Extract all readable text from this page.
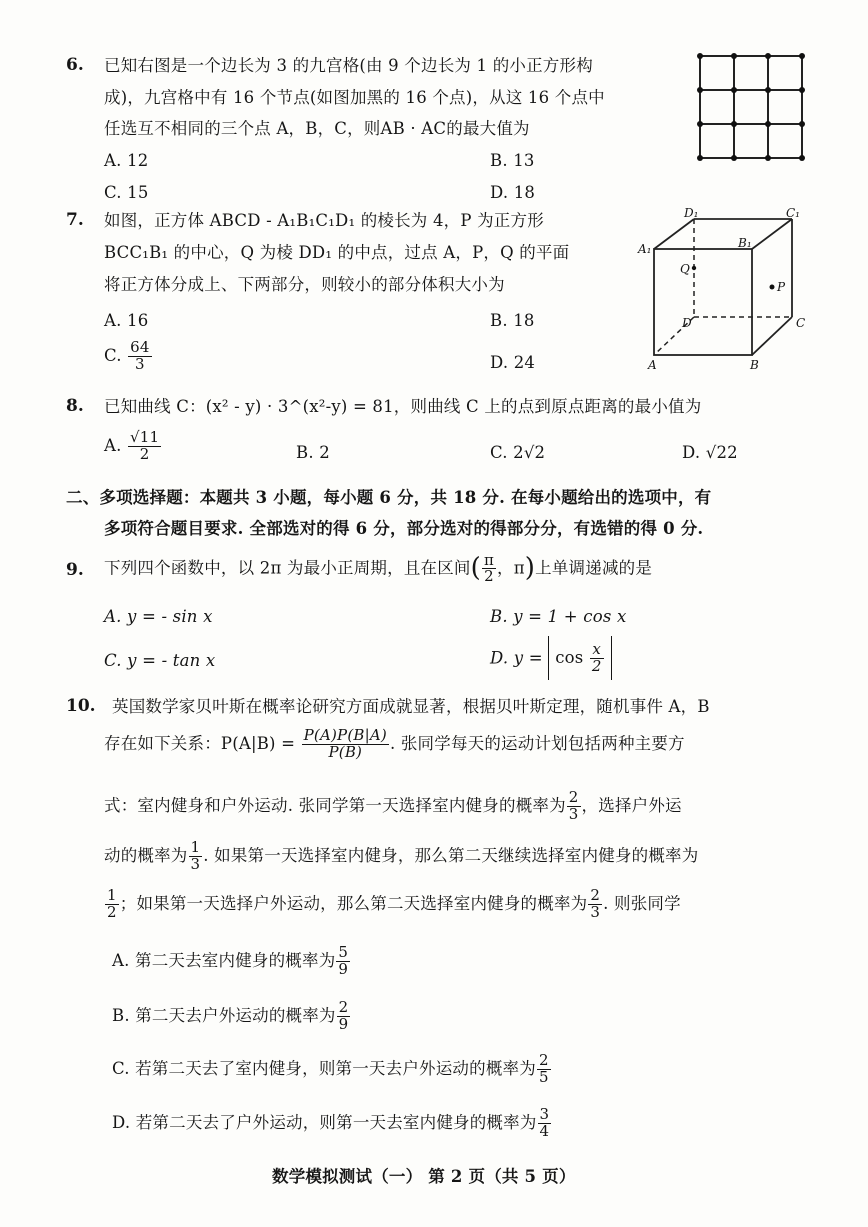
6. 已知右图是一个边长为 3 的九宫格(由 9 个边长为 1 的小正方形构
成)，九宫格中有 16 个节点(如图加黑的 16 个点)，从这 16 个点中
任选互不相同的三个点 A，B，C，则AB · AC的最大值为
A. 12	B. 13
C. 15	D. 18
7. 如图，正方体 ABCD - A₁B₁C₁D₁ 的棱长为 4，P 为正方形
BCC₁B₁ 的中心，Q 为棱 DD₁ 的中点，过点 A，P，Q 的平面
将正方体分成上、下两部分，则较小的部分体积大小为
A. 16	B. 18
C. $\frac{64}{3}$	D. 24
D₁	C₁
A₁	B₁
Q
P
D	C
A	B
8. 已知曲线 C：(x² - y) · 3^(x²-y) = 81，则曲线 C 上的点到原点距离的最小值为
A. $\frac{√11}{2}$	B. 2	C. 2√2	D. √22
二、多项选择题：本题共 3 小题，每小题 6 分，共 18 分. 在每小题给出的选项中，有
多项符合题目要求. 全部选对的得 6 分，部分选对的得部分分，有选错的得 0 分.
9. 下列四个函数中，以 2π 为最小正周期，且在区间( $\frac{\pi}{2}$ ，π)上单调递减的是
A. y = - sin x	B. y = 1 + cos x
C. y = - tan x	D. $y = \cos \frac{x}{2}$
10. 英国数学家贝叶斯在概率论研究方面成就显著，根据贝叶斯定理，随机事件 A，B
存在如下关系：$P(A|B) = \frac{P(A)P(B|A)}{P(B)}$ . 张同学每天的运动计划包括两种主要方
式：室内健身和户外运动. 张同学第一天选择室内健身的概率为 $\frac{2}{3}$ ，选择户外运
动的概率为 $\frac{1}{3}$ . 如果第一天选择室内健身，那么第二天继续选择室内健身的概率为
$\frac{1}{2}$ ；如果第一天选择户外运动，那么第二天选择室内健身的概率为 $\frac{2}{3}$ . 则张同学
A. 第二天去室内健身的概率为 $\frac{5}{9}$
B. 第二天去户外运动的概率为 $\frac{2}{9}$
C. 若第二天去了室内健身，则第一天去户外运动的概率为 $\frac{2}{5}$
D. 若第二天去了户外运动，则第一天去室内健身的概率为 $\frac{3}{4}$
数学模拟测试（一） 第 2 页（共 5 页）
